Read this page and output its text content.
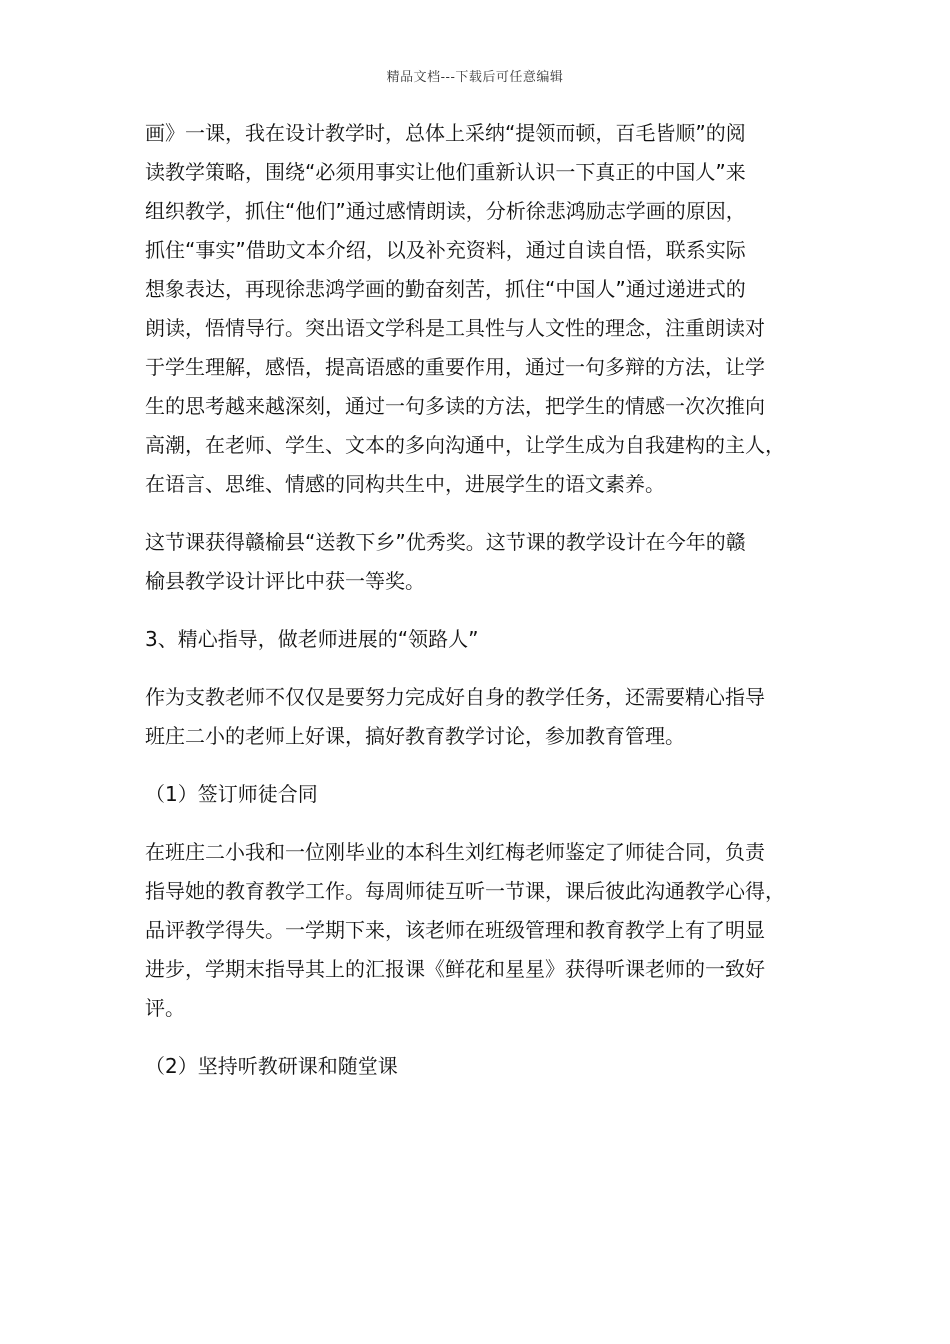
精品文档---下载后可任意编辑

画》一课，我在设计教学时，总体上采纳“提领而顿，百毛皆顺”的阅
读教学策略，围绕“必须用事实让他们重新认识一下真正的中国人”来
组织教学，抓住“他们”通过感情朗读，分析徐悲鸿励志学画的原因，
抓住“事实”借助文本介绍，以及补充资料，通过自读自悟，联系实际
想象表达，再现徐悲鸿学画的勤奋刻苦，抓住“中国人”通过递进式的
朗读，悟情导行。突出语文学科是工具性与人文性的理念，注重朗读对
于学生理解，感悟，提高语感的重要作用，通过一句多辩的方法，让学
生的思考越来越深刻，通过一句多读的方法，把学生的情感一次次推向
高潮，在老师、学生、文本的多向沟通中，让学生成为自我建构的主人，
在语言、思维、情感的同构共生中，进展学生的语文素养。

这节课获得赣榆县“送教下乡”优秀奖。这节课的教学设计在今年的赣
榆县教学设计评比中获一等奖。

3、精心指导，做老师进展的“领路人”

作为支教老师不仅仅是要努力完成好自身的教学任务，还需要精心指导
班庄二小的老师上好课，搞好教育教学讨论，参加教育管理。

（1）签订师徒合同

在班庄二小我和一位刚毕业的本科生刘红梅老师鉴定了师徒合同，负责
指导她的教育教学工作。每周师徒互听一节课，课后彼此沟通教学心得，
品评教学得失。一学期下来，该老师在班级管理和教育教学上有了明显
进步，学期末指导其上的汇报课《鲜花和星星》获得听课老师的一致好
评。

（2）坚持听教研课和随堂课
